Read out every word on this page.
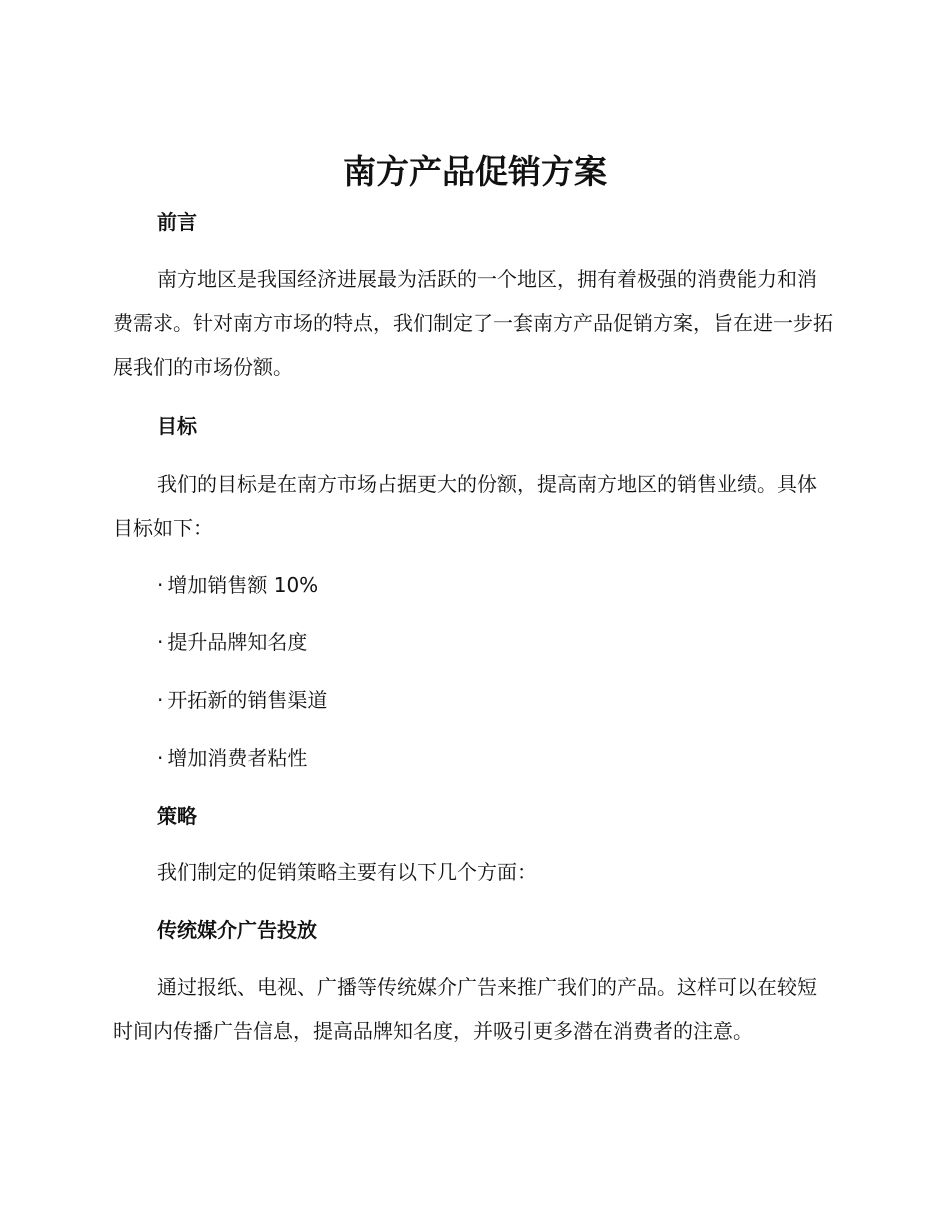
南方产品促销方案
前言

南方地区是我国经济进展最为活跃的一个地区，拥有着极强的消费能力和消费需求。针对南方市场的特点，我们制定了一套南方产品促销方案，旨在进一步拓展我们的市场份额。

目标

我们的目标是在南方市场占据更大的份额，提高南方地区的销售业绩。具体目标如下：

· 增加销售额 10%
· 提升品牌知名度
· 开拓新的销售渠道
· 增加消费者粘性
策略

我们制定的促销策略主要有以下几个方面：

传统媒介广告投放

通过报纸、电视、广播等传统媒介广告来推广我们的产品。这样可以在较短时间内传播广告信息，提高品牌知名度，并吸引更多潜在消费者的注意。
